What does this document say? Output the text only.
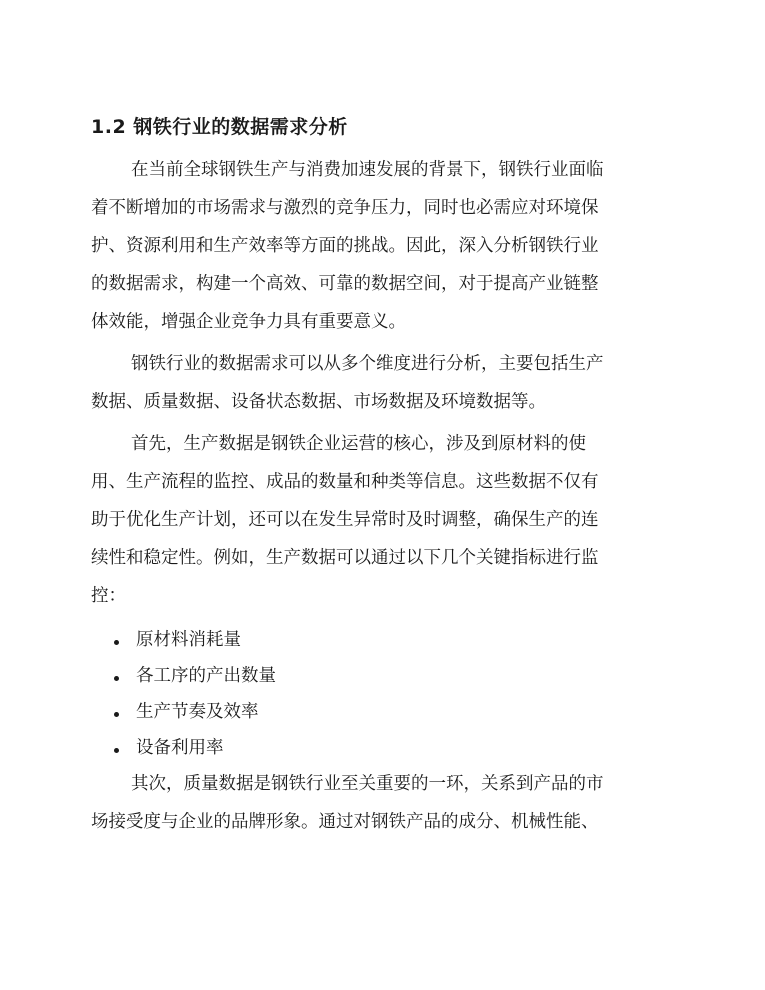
1.2 钢铁行业的数据需求分析
在当前全球钢铁生产与消费加速发展的背景下，钢铁行业面临
着不断增加的市场需求与激烈的竞争压力，同时也必需应对环境保
护、资源利用和生产效率等方面的挑战。因此，深入分析钢铁行业
的数据需求，构建一个高效、可靠的数据空间，对于提高产业链整
体效能，增强企业竞争力具有重要意义。
钢铁行业的数据需求可以从多个维度进行分析，主要包括生产
数据、质量数据、设备状态数据、市场数据及环境数据等。
首先，生产数据是钢铁企业运营的核心，涉及到原材料的使
用、生产流程的监控、成品的数量和种类等信息。这些数据不仅有
助于优化生产计划，还可以在发生异常时及时调整，确保生产的连
续性和稳定性。例如，生产数据可以通过以下几个关键指标进行监
控：
原材料消耗量
各工序的产出数量
生产节奏及效率
设备利用率
其次，质量数据是钢铁行业至关重要的一环，关系到产品的市
场接受度与企业的品牌形象。通过对钢铁产品的成分、机械性能、
